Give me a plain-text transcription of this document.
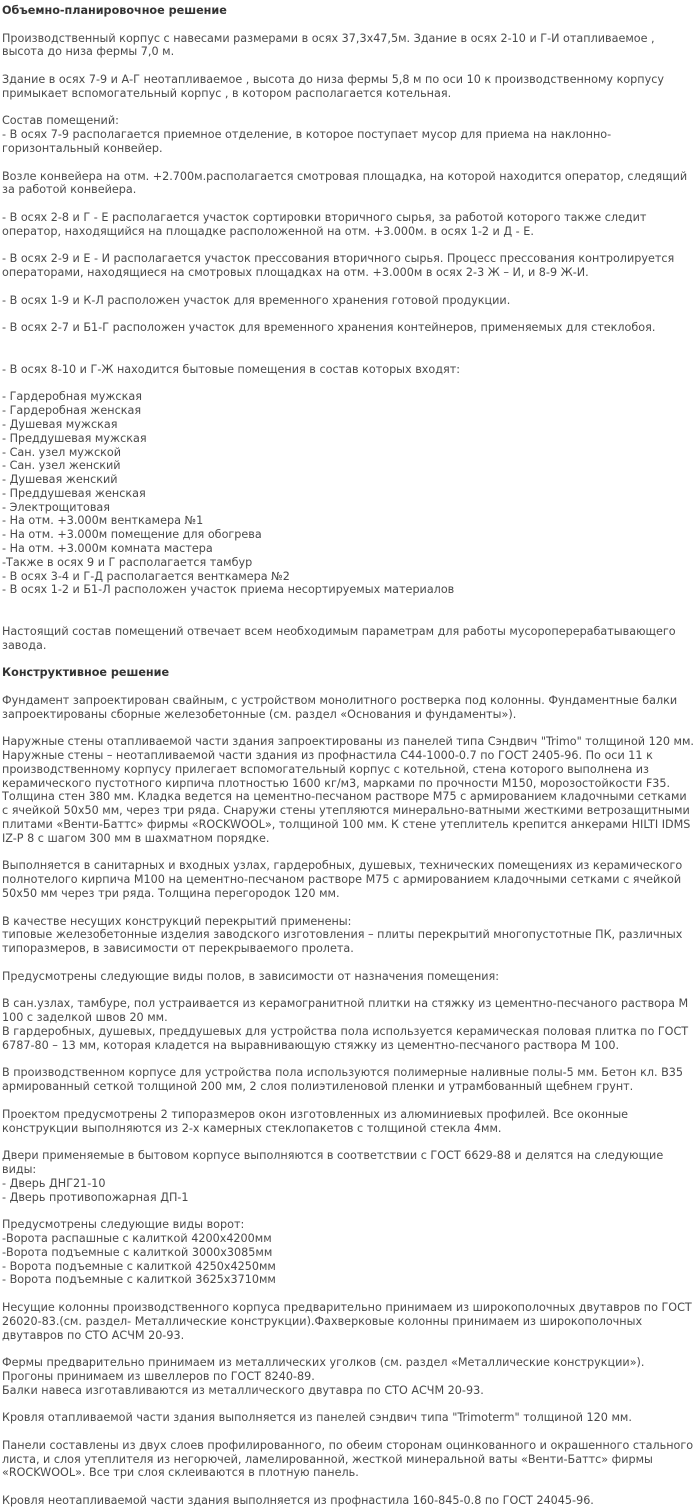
Объемно-планировочное решение
Производственный корпус с навесами размерами в осях 37,3х47,5м. Здание в осях 2-10 и Г-И отапливаемое , высота до низа фермы 7,0 м.
Здание в осях 7-9 и А-Г неотапливаемое , высота до низа фермы 5,8 м по оси 10 к производственному корпусу примыкает вспомогательный корпус , в котором располагается котельная.
Состав помещений:
- В осях 7-9 располагается приемное отделение, в которое поступает мусор для приема на наклонно-горизонтальный конвейер.
Возле конвейера на отм. +2.700м.располагается смотровая площадка, на которой находится оператор, следящий за работой конвейера.
- В осях 2-8 и Г - Е располагается участок сортировки вторичного сырья, за работой которого также следит оператор, находящийся на площадке расположенной на отм. +3.000м. в осях 1-2 и Д - Е.
- В осях 2-9 и Е - И располагается участок прессования вторичного сырья. Процесс прессования контролируется операторами, находящиеся на смотровых площадках на отм. +3.000м в осях 2-3 Ж – И, и 8-9 Ж-И.
- В осях 1-9 и К-Л расположен участок для временного хранения готовой продукции.
- В осях 2-7 и Б1-Г расположен участок для временного хранения контейнеров, применяемых для стеклобоя.

- В осях 8-10 и Г-Ж находится бытовые помещения в состав которых входят:

- Гардеробная мужская
- Гардеробная женская
- Душевая мужская
- Преддушевая мужская
- Сан. узел мужской
- Сан. узел женский
- Душевая женский
- Преддушевая женская
- Электрощитовая
- На отм. +3.000м венткамера №1
- На отм. +3.000м помещение для обогрева
- На отм. +3.000м комната мастера
-Также в осях 9 и Г располагается тамбур
- В осях 3-4 и Г-Д располагается венткамера №2
- В осях 1-2 и Б1-Л расположен участок приема несортируемых материалов

Настоящий состав помещений отвечает всем необходимым параметрам для работы мусороперерабатывающего завода.
Конструктивное решение
Фундамент запроектирован свайным, с устройством монолитного ростверка под колонны. Фундаментные балки запроектированы сборные железобетонные (см. раздел «Основания и фундаменты»).
Наружные стены отапливаемой части здания запроектированы из панелей типа Сэндвич "Trimo" толщиной 120 мм.
Наружные стены – неотапливаемой части здания из профнастила С44-1000-0.7 по ГОСТ 2405-96. По оси 11 к производственному корпусу прилегает вспомогательный корпус с котельной, стена которого выполнена из керамического пустотного кирпича плотностью 1600 кг/м3, марками по прочности М150, морозостойкости F35.
Толщина стен 380 мм. Кладка ведется на цементно-песчаном растворе М75 с армированием кладочными сетками с ячейкой 50х50 мм, через три ряда. Снаружи стены утепляются минерально-ватными жесткими ветрозащитными плитами «Венти-Баттс» фирмы «ROCKWOOL», толщиной 100 мм. К стене утеплитель крепится анкерами HILTI IDMS IZ-P 8 с шагом 300 мм в шахматном порядке.
Выполняется в санитарных и входных узлах, гардеробных, душевых, технических помещениях из керамического полнотелого кирпича М100 на цементно-песчаном растворе М75 с армированием кладочными сетками с ячейкой 50х50 мм через три ряда. Толщина перегородок 120 мм.
В качестве несущих конструкций перекрытий применены:
типовые железобетонные изделия заводского изготовления – плиты перекрытий многопустотные ПК, различных типоразмеров, в зависимости от перекрываемого пролета.
Предусмотрены следующие виды полов, в зависимости от назначения помещения:
В сан.узлах, тамбуре, пол устраивается из керамогранитной плитки на стяжку из цементно-песчаного раствора М 100 с заделкой швов 20 мм.
В гардеробных, душевых, преддушевых для устройства пола используется керамическая половая плитка по ГОСТ 6787-80 – 13 мм, которая кладется на выравнивающую стяжку из цементно-песчаного раствора М 100.
В производственном корпусе для устройства пола используются полимерные наливные полы-5 мм. Бетон кл. В35 армированный сеткой толщиной 200 мм, 2 слоя полиэтиленовой пленки и утрамбованный щебнем грунт.
Проектом предусмотрены 2 типоразмеров окон изготовленных из алюминиевых профилей. Все оконные конструкции выполняются из 2-х камерных стеклопакетов с толщиной стекла 4мм.
Двери применяемые в бытовом корпусе выполняются в соответствии с ГОСТ 6629-88 и делятся на следующие виды:
- Дверь ДНГ21-10
- Дверь противопожарная ДП-1
Предусмотрены следующие виды ворот:
-Ворота распашные с калиткой 4200х4200мм
-Ворота подъемные с калиткой 3000х3085мм
- Ворота подъемные с калиткой 4250х4250мм
- Ворота подъемные с калиткой 3625х3710мм
Несущие колонны производственного корпуса предварительно принимаем из широкополочных двутавров по ГОСТ 26020-83.(см. раздел- Металлические конструкции).Фахверковые колонны принимаем из широкополочных двутавров по СТО АСЧМ 20-93.
Фермы предварительно принимаем из металлических уголков (см. раздел «Металлические конструкции»).
Прогоны принимаем из швеллеров по ГОСТ 8240-89.
Балки навеса изготавливаются из металлического двутавра по СТО АСЧМ 20-93.
Кровля отапливаемой части здания выполняется из панелей сэндвич типа "Trimoterm" толщиной 120 мм.
Панели составлены из двух слоев профилированного, по обеим сторонам оцинкованного и окрашенного стального листа, и слоя утеплителя из негорючей, ламелированной, жесткой минеральной ваты «Венти-Баттс» фирмы «ROCKWOOL». Все три слоя склеиваются в плотную панель.
Кровля неотапливаемой части здания выполняется из профнастила 160-845-0.8 по ГОСТ 24045-96.
